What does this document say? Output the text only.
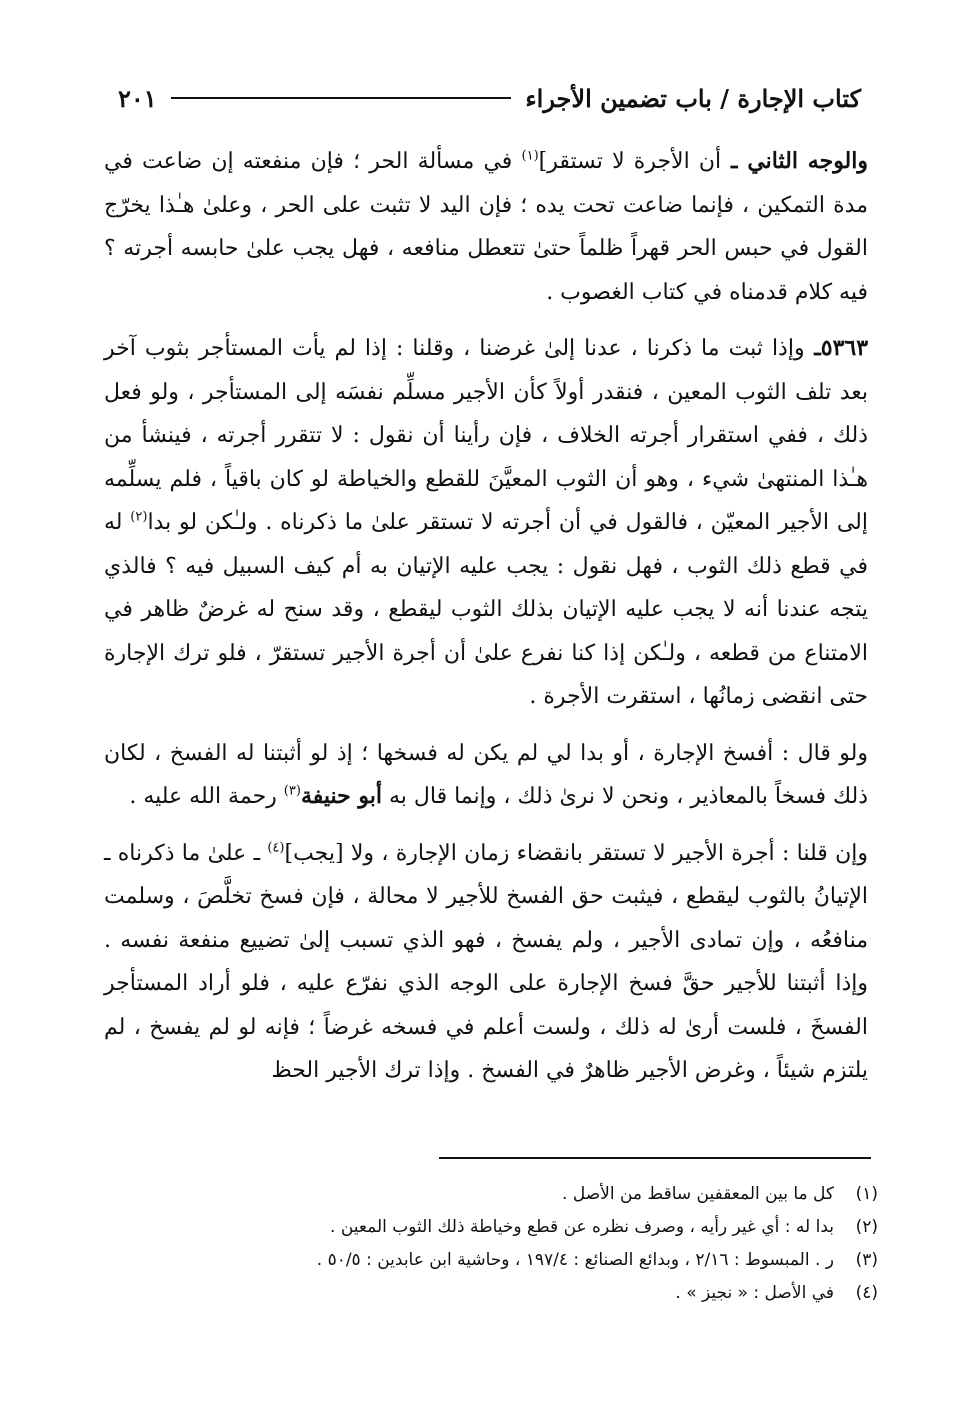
كتاب الإجارة / باب تضمين الأجراء
٢٠١

والوجه الثاني ـ أن الأجرة لا تستقر]$^{(١)}$ في مسألة الحر ؛ فإن منفعته إن ضاعت في مدة التمكين ، فإنما ضاعت تحت يده ؛ فإن اليد لا تثبت على الحر ، وعلىٰ هـٰذا يخرّج القول في حبس الحر قهراً ظلماً حتىٰ تتعطل منافعه ، فهل يجب علىٰ حابسه أجرته ؟ فيه كلام قدمناه في كتاب الغصوب .

٥٣٦٣ـ وإذا ثبت ما ذكرنا ، عدنا إلىٰ غرضنا ، وقلنا : إذا لم يأت المستأجر بثوب آخر بعد تلف الثوب المعين ، فنقدر أولاً كأن الأجير مسلِّم نفسَه إلى المستأجر ، ولو فعل ذلك ، ففي استقرار أجرته الخلاف ، فإن رأينا أن نقول : لا تتقرر أجرته ، فينشأ من هـٰذا المنتهىٰ شيء ، وهو أن الثوب المعيَّنَ للقطع والخياطة لو كان باقياً ، فلم يسلِّمه إلى الأجير المعيّن ، فالقول في أن أجرته لا تستقر علىٰ ما ذكرناه . ولـٰكن لو بدا$^{(٢)}$ له في قطع ذلك الثوب ، فهل نقول : يجب عليه الإتيان به أم كيف السبيل فيه ؟ فالذي يتجه عندنا أنه لا يجب عليه الإتيان بذلك الثوب ليقطع ، وقد سنح له غرضٌ ظاهر في الامتناع من قطعه ، ولـٰكن إذا كنا نفرع علىٰ أن أجرة الأجير تستقرّ ، فلو ترك الإجارة حتى انقضى زمانُها ، استقرت الأجرة .

ولو قال : أفسخ الإجارة ، أو بدا لي لم يكن له فسخها ؛ إذ لو أثبتنا له الفسخ ، لكان ذلك فسخاً بالمعاذير ، ونحن لا نرىٰ ذلك ، وإنما قال به أبو حنيفة$^{(٣)}$ رحمة الله عليه .

وإن قلنا : أجرة الأجير لا تستقر بانقضاء زمان الإجارة ، ولا [يجب]$^{(٤)}$ ـ علىٰ ما ذكرناه ـ الإتيانُ بالثوب ليقطع ، فيثبت حق الفسخ للأجير لا محالة ، فإن فسخ تخلَّصَ ، وسلمت منافعُه ، وإن تمادى الأجير ، ولم يفسخ ، فهو الذي تسبب إلىٰ تضييع منفعة نفسه . وإذا أثبتنا للأجير حقَّ فسخ الإجارة على الوجه الذي نفرّع عليه ، فلو أراد المستأجر الفسخَ ، فلست أرىٰ له ذلك ، ولست أعلم في فسخه غرضاً ؛ فإنه لو لم يفسخ ، لم يلتزم شيئاً ، وغرض الأجير ظاهرٌ في الفسخ . وإذا ترك الأجير الحظ

(١)
كل ما بين المعقفين ساقط من الأصل .
(٢)
بدا له : أي غير رأيه ، وصرف نظره عن قطع وخياطة ذلك الثوب المعين .
(٣)
ر . المبسوط : ٢/١٦ ، وبدائع الصنائع : ١٩٧/٤ ، وحاشية ابن عابدين : ٥٠/٥ .
(٤)
في الأصل : « نجيز » .
